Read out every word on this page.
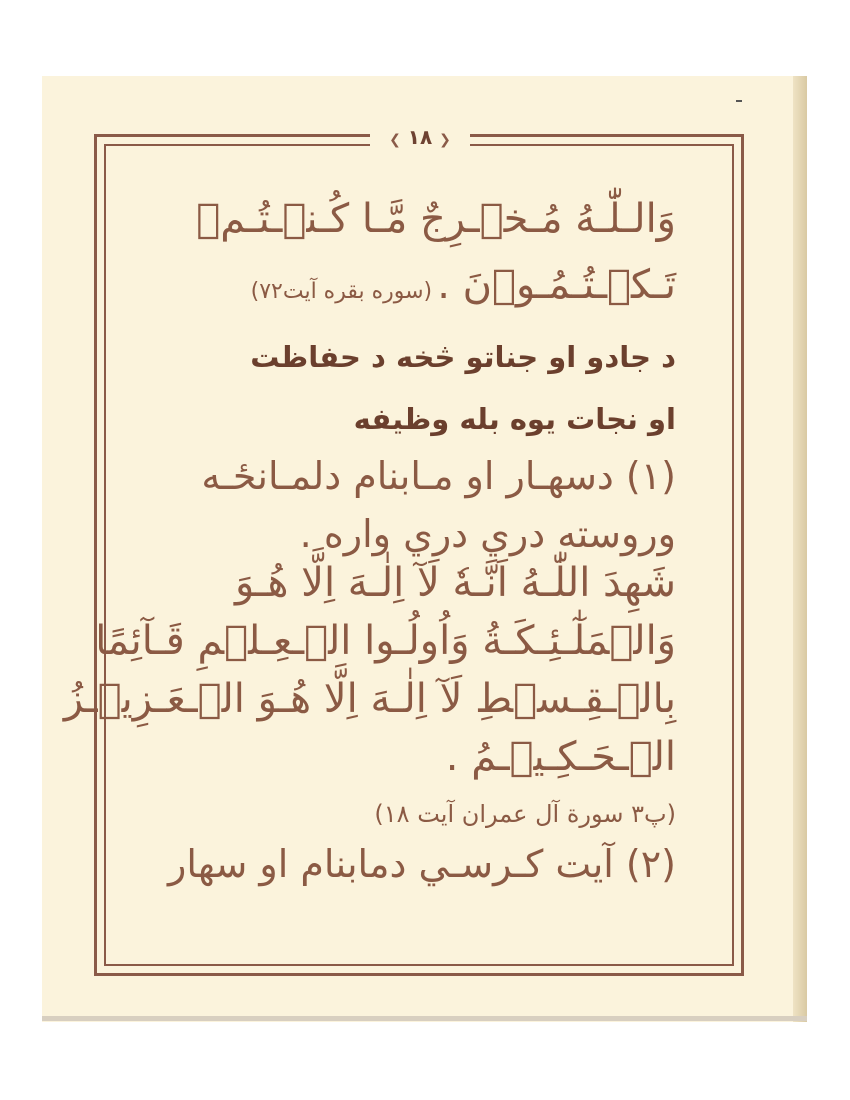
❮ ١٨ ❯
وَالـلّٰـهُ مُـخۡـرِجٌ مَّـا كُـنۡـتُـمۡ
تَـكۡـتُـمُـوۡنَ . (سوره بقره آيت٧٢)
د جادو او جناتو څخه د حفاظت
او نجات يوه بله وظيفه
(١) دسهـار او مـابنام دلمـانځـه
وروسته دري دري واره .
شَهِدَ اللّٰـهُ اَنَّـهٗ لَآ اِلٰـهَ اِلَّا هُـوَ
وَالۡمَلٰٓـئِـكَـةُ وَاُولُـوا الۡـعِـلۡمِ قَـآئِمًا
بِالۡـقِـسۡطِ لَآ اِلٰـهَ اِلَّا هُـوَ الۡـعَـزِيۡـزُ
الۡـحَـكِـيۡـمُ .
(پ٣ سورة آل عمران آيت ١٨)
(٢) آيت كـرسـي دمابنام او سهار
